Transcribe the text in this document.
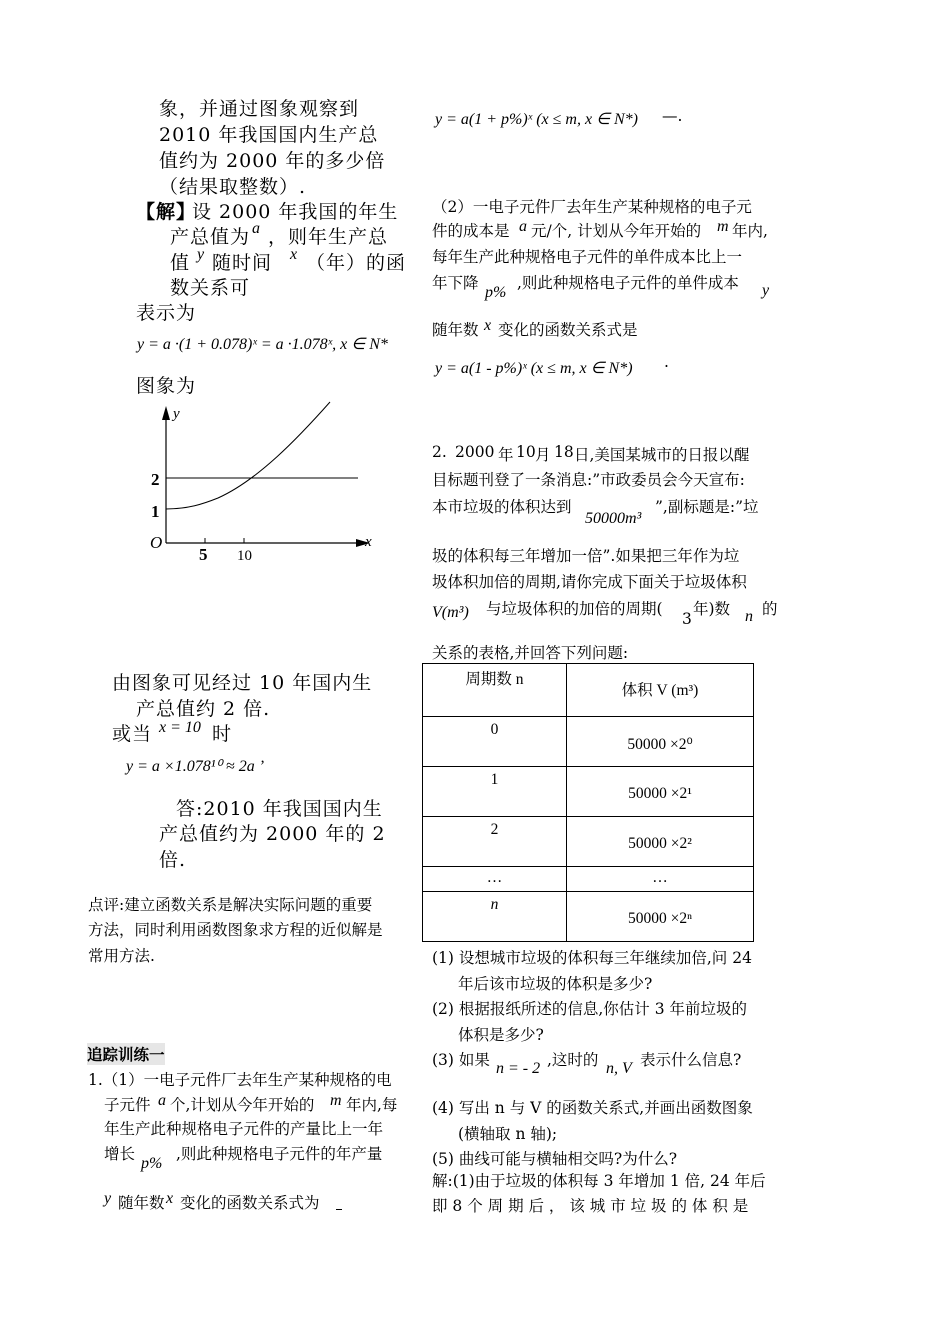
象，并通过图象观察到
2010 年我国国内生产总
值约为 2000 年的多少倍
（结果取整数）.
【解】
设 2000 年我国的年生
产总值为 a ，则年生产总
值 y 随时间 x （年）的函
数关系可
表示为
y = a ·(1 + 0.078)ˣ = a ·1.078ˣ, x ∈ N*
图象为
y
x
O
5 10
1
2
由图象可见经过 10 年国内生
产总值约 2 倍.
或当 x = 10 时
y = a ×1.078¹⁰ ≈ 2a ’
答:2010 年我国国内生
产总值约为 2000 年的 2
倍.
点评:建立函数关系是解决实际问题的重要
方法，同时利用函数图象求方程的近似解是
常用方法.
追踪训练一
1.（1）一电子元件厂去年生产某种规格的电
子元件 a 个,计划从今年开始的 m 年内,每
年生产此种规格电子元件的产量比上一年
增长
p%
,则此种规格电子元件的年产量
y 随年数 x 变化的函数关系式为
y = a(1 + p%)ˣ (x ≤ m, x ∈ N*) —.
（2）一电子元件厂去年生产某种规格的电子元
件的成本是 a 元/个, 计划从今年开始的 m 年内,
每年生产此种规格电子元件的单件成本比上一
年下降
p%
,则此种规格电子元件的单件成本 y
随年数 x 变化的函数关系式是
y = a(1 - p%)ˣ (x ≤ m, x ∈ N*) .
2. 2000 年 10 月 18 日,美国某城市的日报以醒
目标题刊登了一条消息:”市政委员会今天宣布:
本市垃圾的体积达到
50000m³
”,副标题是:”垃
圾的体积每三年增加一倍”.如果把三年作为垃
圾体积加倍的周期,请你完成下面关于垃圾体积
V(m³) 与垃圾体积的加倍的周期(
3
年)数 n 的
关系的表格,并回答下列问题:
周期数 n	体积 V (m³)

0	50000 ×2⁰

1	50000 ×2¹

2	50000 ×2²

…	…

n	50000 ×2ⁿ
(1) 设想城市垃圾的体积每三年继续加倍,问 24
年后该市垃圾的体积是多少?
(2) 根据报纸所述的信息,你估计 3 年前垃圾的
体积是多少?
(3) 如果 n = - 2 ,这时的 n, V 表示什么信息?
(4) 写出 n 与 V 的函数关系式,并画出函数图象
(横轴取 n 轴);
(5) 曲线可能与横轴相交吗?为什么?
解:(1)由于垃圾的体积每 3 年增加 1 倍, 24 年后
即 8 个 周 期 后 ， 该 城 市 垃 圾 的 体 积 是
